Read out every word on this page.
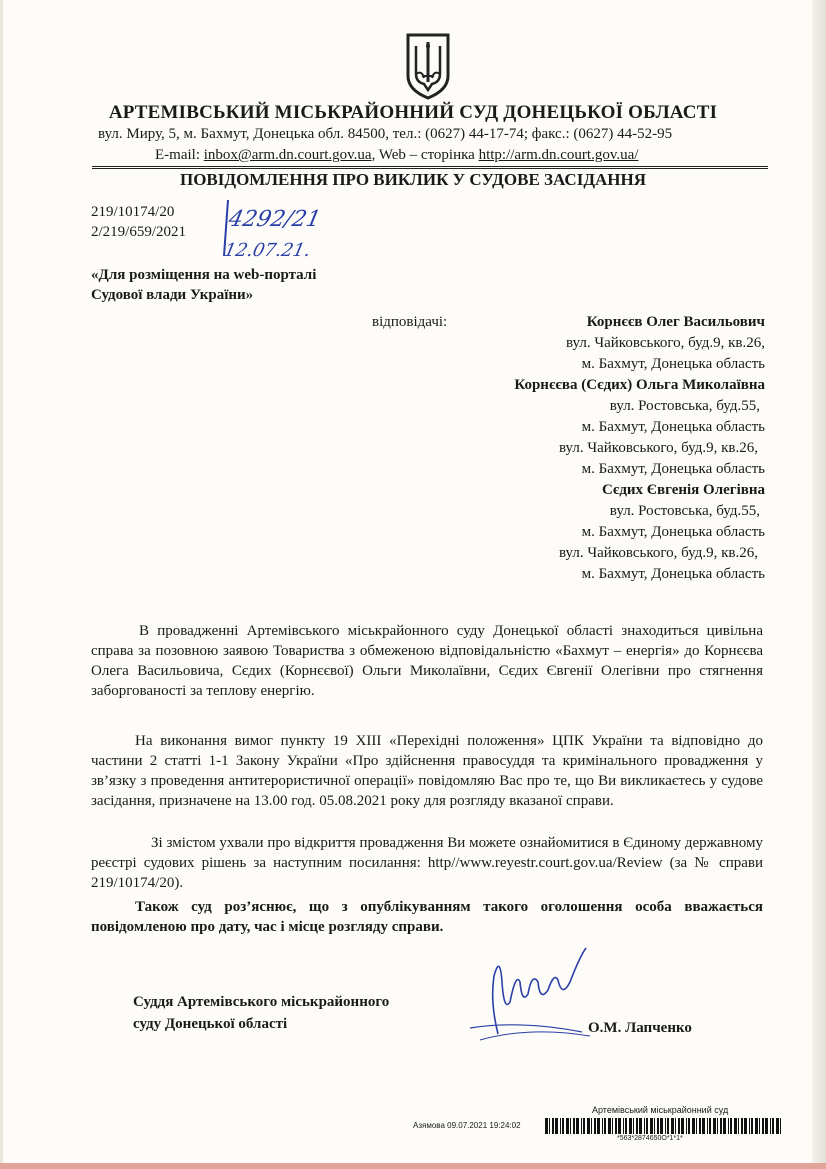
АРТЕМІВСЬКИЙ МІСЬКРАЙОННИЙ СУД ДОНЕЦЬКОЇ ОБЛАСТІ
вул. Миру, 5, м. Бахмут, Донецька обл. 84500, тел.: (0627) 44-17-74; факс.: (0627) 44-52-95
E-mail: inbox@arm.dn.court.gov.ua, Web – сторінка http://arm.dn.court.gov.ua/
ПОВІДОМЛЕННЯ ПРО ВИКЛИК У СУДОВЕ ЗАСІДАННЯ
219/10174/20
2/219/659/2021
4292/21
12.07.21.
«Для розміщення на web-порталі
Судової влади України»
відповідачі:	Корнєєв Олег Васильович
вул. Чайковського, буд.9, кв.26,
м. Бахмут, Донецька область
Корнєєва (Сєдих) Ольга Миколаївна
вул. Ростовська, буд.55,
м. Бахмут, Донецька область
вул. Чайковського, буд.9, кв.26,
м. Бахмут, Донецька область
Сєдих Євгенія Олегівна
вул. Ростовська, буд.55,
м. Бахмут, Донецька область
вул. Чайковського, буд.9, кв.26,
м. Бахмут, Донецька область
В провадженні Артемівського міськрайонного суду Донецької області знаходиться цивільна справа за позовною заявою Товариства з обмеженою відповідальністю «Бахмут – енергія» до Корнєєва Олега Васильовича, Сєдих (Корнєєвої) Ольги Миколаївни, Сєдих Євгенії Олегівни про стягнення заборгованості за теплову енергію.
На виконання вимог пункту 19 ХIII «Перехідні положення» ЦПК України та відповідно до частини 2 статті 1-1 Закону України «Про здійснення правосуддя та кримінального провадження у зв’язку з проведення антитерористичної операції» повідомляю Вас про те, що Ви викликаєтесь у судове засідання, призначене на 13.00 год. 05.08.2021 року для розгляду вказаної справи.
Зі змістом ухвали про відкриття провадження Ви можете ознайомитися в Єдиному державному реєстрі судових рішень за наступним посилання: http//www.reyestr.court.gov.ua/Review (за № справи 219/10174/20).
Також суд роз’яснює, що з опублікуванням такого оголошення особа вважається повідомленою про дату, час і місце розгляду справи.
Суддя Артемівського міськрайонного
суду Донецької області	О.М. Лапченко
Артемівський міськрайонний суд
Азямова 09.07.2021 19:24:02
*563*2874650О*1*1*
